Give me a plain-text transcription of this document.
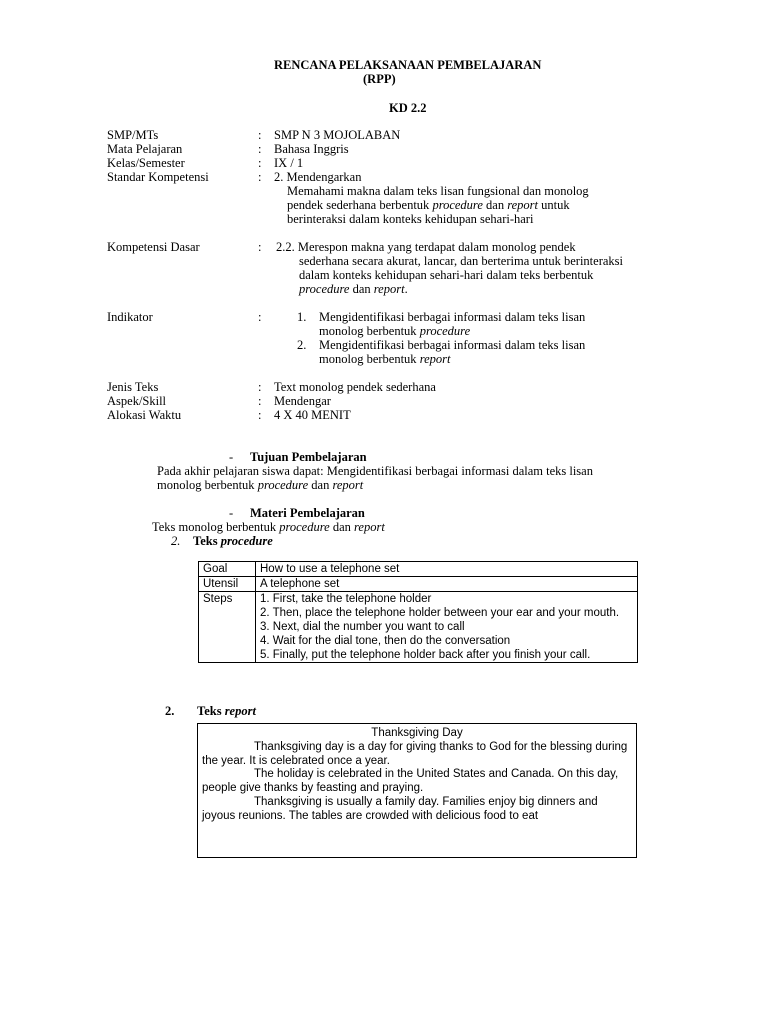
RENCANA PELAKSANAAN PEMBELAJARAN
(RPP)
KD 2.2
SMP/MTs	: SMP N 3 MOJOLABAN
Mata Pelajaran	: Bahasa Inggris
Kelas/Semester	: IX / 1
Standar Kompetensi	: 2. Mendengarkan
Memahami makna dalam teks lisan fungsional dan monolog
pendek sederhana berbentuk procedure dan report untuk
berinteraksi dalam konteks kehidupan sehari-hari
Kompetensi Dasar	: 2.2. Merespon makna yang terdapat dalam monolog pendek
sederhana secara akurat, lancar, dan berterima untuk berinteraksi
dalam konteks kehidupan sehari-hari dalam teks berbentuk
procedure dan report.
Indikator	:	1. Mengidentifikasi berbagai informasi dalam teks lisan
monolog berbentuk procedure
2. Mengidentifikasi berbagai informasi dalam teks lisan
monolog berbentuk report
Jenis Teks	: Text monolog pendek sederhana
Aspek/Skill	: Mendengar
Alokasi Waktu	: 4 X 40 MENIT
- Tujuan Pembelajaran
Pada akhir pelajaran siswa dapat: Mengidentifikasi berbagai informasi dalam teks lisan
monolog berbentuk procedure dan report
- Materi Pembelajaran
Teks monolog berbentuk procedure dan report
2. Teks procedure
Goal	How to use a telephone set
Utensil	A telephone set
Steps	1. First, take the telephone holder
2. Then, place the telephone holder between your ear and your mouth.
3. Next, dial the number you want to call
4. Wait for the dial tone, then do the conversation
5. Finally, put the telephone holder back after you finish your call.
2. Teks report

Thanksgiving Day

Thanksgiving day is a day for giving thanks to God for the blessing during the year. It is celebrated once a year.

The holiday is celebrated in the United States and Canada. On this day, people give thanks by feasting and praying.

Thanksgiving is usually a family day. Families enjoy big dinners and joyous reunions. The tables are crowded with delicious food to eat
